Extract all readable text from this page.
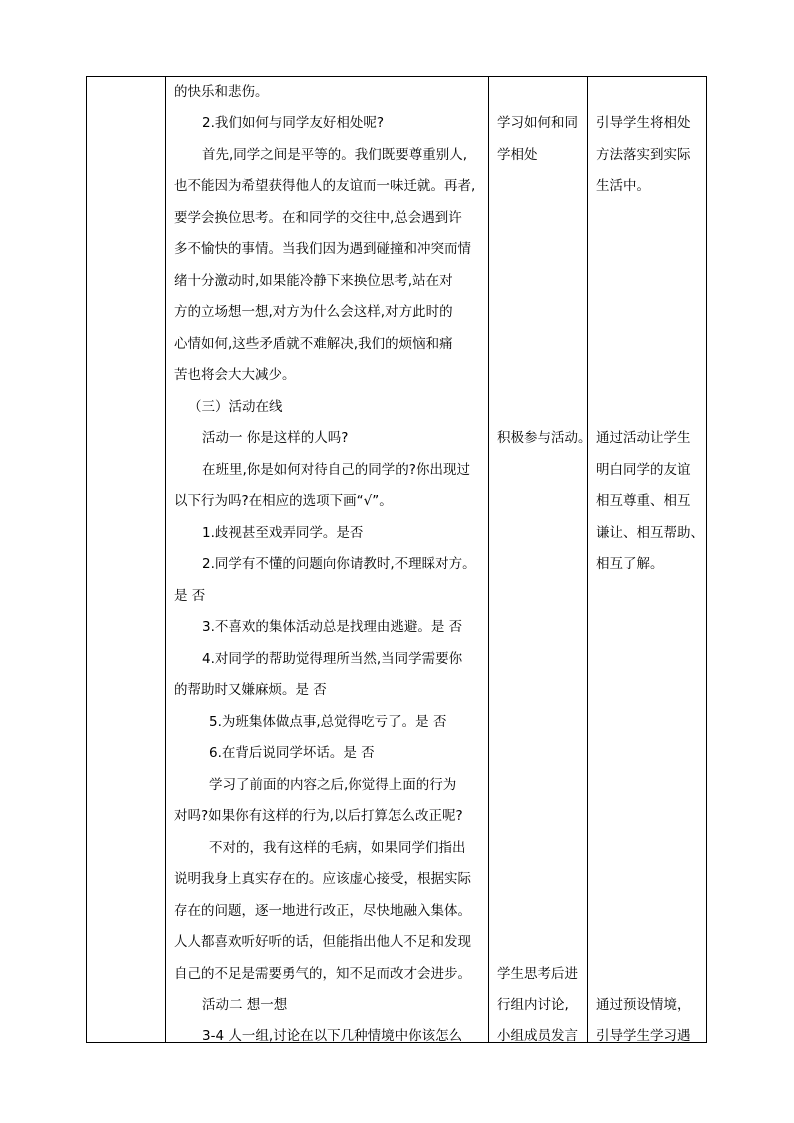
的快乐和悲伤。
2.我们如何与同学友好相处呢?
首先,同学之间是平等的。我们既要尊重别人,
也不能因为希望获得他人的友谊而一味迁就。再者,
要学会换位思考。在和同学的交往中,总会遇到许
多不愉快的事情。当我们因为遇到碰撞和冲突而情
绪十分激动时,如果能冷静下来换位思考,站在对
方的立场想一想,对方为什么会这样,对方此时的
心情如何,这些矛盾就不难解决,我们的烦恼和痛
苦也将会大大减少。
（三）活动在线
活动一 你是这样的人吗?
在班里,你是如何对待自己的同学的?你出现过
以下行为吗?在相应的选项下画“√”。
1.歧视甚至戏弄同学。是否
2.同学有不懂的问题向你请教时,不理睬对方。
是 否
3.不喜欢的集体活动总是找理由逃避。是 否
4.对同学的帮助觉得理所当然,当同学需要你
的帮助时又嫌麻烦。是 否
5.为班集体做点事,总觉得吃亏了。是 否
6.在背后说同学坏话。是 否
学习了前面的内容之后,你觉得上面的行为
对吗?如果你有这样的行为,以后打算怎么改正呢?
不对的，我有这样的毛病，如果同学们指出
说明我身上真实存在的。应该虚心接受，根据实际
存在的问题，逐一地进行改正，尽快地融入集体。
人人都喜欢听好听的话，但能指出他人不足和发现
自己的不足是需要勇气的，知不足而改才会进步。
活动二 想一想
3-4 人一组,讨论在以下几种情境中你该怎么
学习如何和同
学相处
积极参与活动。
学生思考后进
行组内讨论,
小组成员发言
引导学生将相处
方法落实到实际
生活中。
通过活动让学生
明白同学的友谊
相互尊重、相互
谦让、相互帮助、
相互了解。
通过预设情境，
引导学生学习遇
